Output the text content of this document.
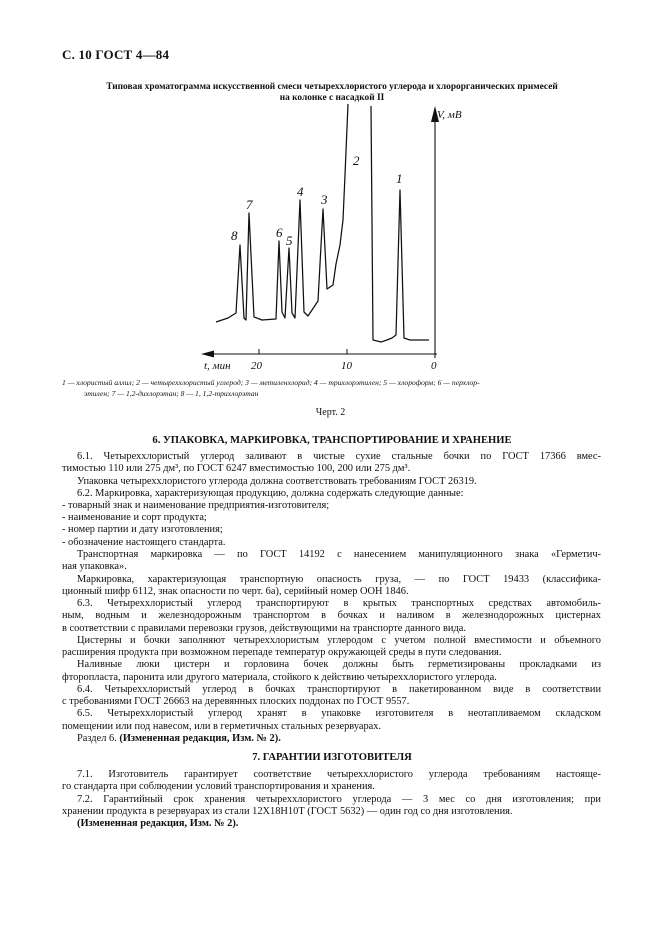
С. 10 ГОСТ 4—84
Типовая хроматограмма искусственной смеси четыреххлористого углерода и хлорорганических примесей
на колонке с насадкой II
V, мВ
t, мин 20	10	0
8
7
6
5
4
3
2
1
1 — хлористый аллил; 2 — четыреххлористый углерод; 3 — метиленхлорид; 4 — трихлорэтилен; 5 — хлороформ; 6 — перхлор-
этилен; 7 — 1,2-дихлорэтан; 8 — 1, 1,2-трихлорэтан
Черт. 2
6. УПАКОВКА, МАРКИРОВКА, ТРАНСПОРТИРОВАНИЕ И ХРАНЕНИЕ
6.1. Четыреххлористый углерод заливают в чистые сухие стальные бочки по ГОСТ 17366 вмес-
тимостью 110 или 275 дм³, по ГОСТ 6247 вместимостью 100, 200 или 275 дм³.
Упаковка четыреххлористого углерода должна соответствовать требованиям ГОСТ 26319.
6.2. Маркировка, характеризующая продукцию, должна содержать следующие данные:
- товарный знак и наименование предприятия-изготовителя;
- наименование и сорт продукта;
- номер партии и дату изготовления;
- обозначение настоящего стандарта.
Транспортная маркировка — по ГОСТ 14192 с нанесением манипуляционного знака «Герметич-
ная упаковка».
Маркировка, характеризующая транспортную опасность груза, — по ГОСТ 19433 (классифика-
ционный шифр 6112, знак опасности по черт. 6а), серийный номер ООН 1846.
6.3. Четыреххлористый углерод транспортируют в крытых транспортных средствах автомобиль-
ным, водным и железнодорожным транспортом в бочках и наливом в железнодорожных цистернах
в соответствии с правилами перевозки грузов, действующими на транспорте данного вида.
Цистерны и бочки заполняют четыреххлористым углеродом с учетом полной вместимости и объемного
расширения продукта при возможном перепаде температур окружающей среды в пути следования.
Наливные люки цистерн и горловина бочек должны быть герметизированы прокладками из
фторопласта, паронита или другого материала, стойкого к действию четыреххлористого углерода.
6.4. Четыреххлористый углерод в бочках транспортируют в пакетированном виде в соответствии
с требованиями ГОСТ 26663 на деревянных плоских поддонах по ГОСТ 9557.
6.5. Четыреххлористый углерод хранят в упаковке изготовителя в неотапливаемом складском
помещении или под навесом, или в герметичных стальных резервуарах.
Раздел 6. (Измененная редакция, Изм. № 2).
7. ГАРАНТИИ ИЗГОТОВИТЕЛЯ
7.1. Изготовитель гарантирует соответствие четыреххлористого углерода требованиям настояще-
го стандарта при соблюдении условий транспортирования и хранения.
7.2. Гарантийный срок хранения четыреххлористого углерода — 3 мес со дня изготовления; при
хранении продукта в резервуарах из стали 12Х18Н10Т (ГОСТ 5632) — один год со дня изготовления.
(Измененная редакция, Изм. № 2).
